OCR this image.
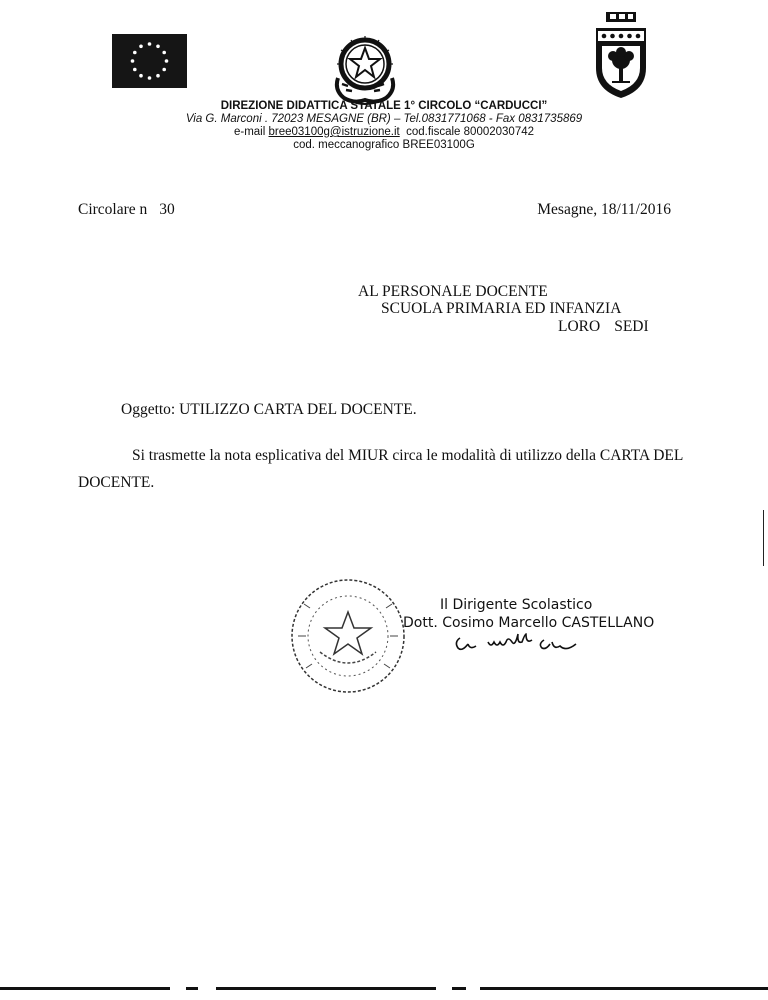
DIREZIONE DIDATTICA STATALE 1° CIRCOLO “CARDUCCI”
Via G. Marconi . 72023 MESAGNE (BR) – Tel.0831771068 - Fax 0831735869
e-mail bree03100g@istruzione.it cod.fiscale 80002030742
cod. meccanografico BREE03100G
Circolare n 30	Mesagne, 18/11/2016
AL PERSONALE DOCENTE
SCUOLA PRIMARIA ED INFANZIA
LORO SEDI
Oggetto: UTILIZZO CARTA DEL DOCENTE.
Si trasmette la nota esplicativa del MIUR circa le modalità di utilizzo della CARTA DEL
DOCENTE.
Il Dirigente Scolastico
Dott. Cosimo Marcello CASTELLANO
